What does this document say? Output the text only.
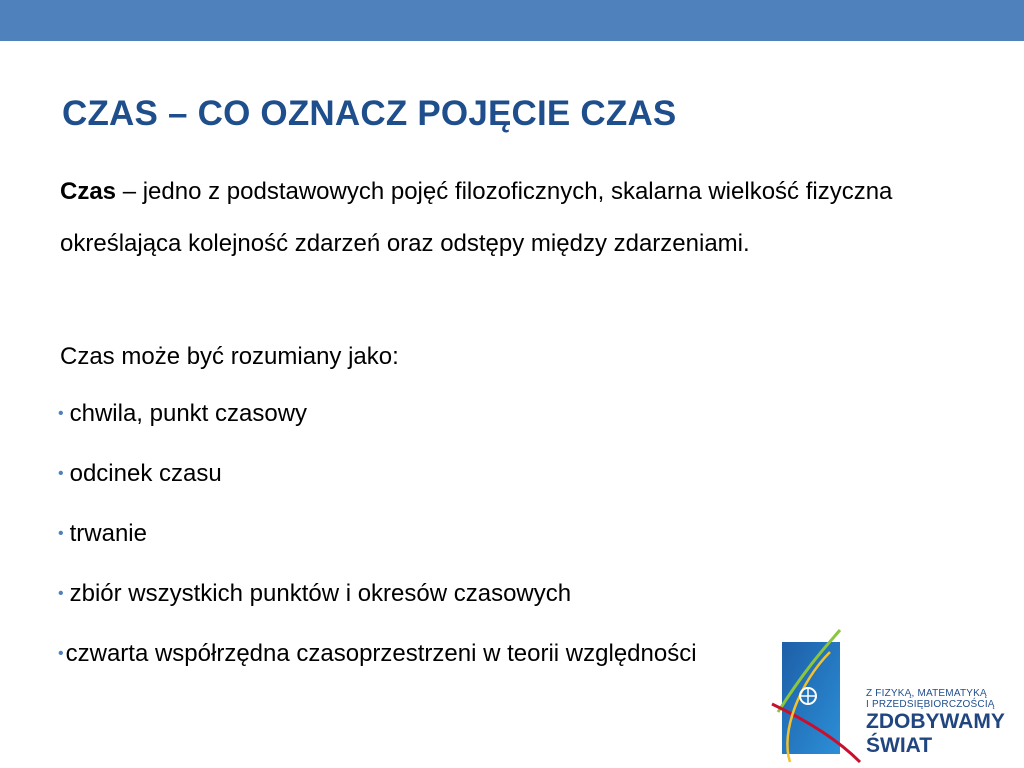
CZAS – CO OZNACZ POJĘCIE CZAS

Czas – jedno z podstawowych pojęć filozoficznych, skalarna wielkość fizyczna określająca kolejność zdarzeń oraz odstępy między zdarzeniami.

Czas może być rozumiany jako:

• chwila, punkt czasowy
• odcinek czasu
• trwanie
• zbiór wszystkich punktów i okresów czasowych
•czwarta współrzędna czasoprzestrzeni w teorii względności
Z FIZYKĄ, MATEMATYKĄ
I PRZEDSIĘBIORCZOŚCIĄ
ZDOBYWAMY
ŚWIAT
